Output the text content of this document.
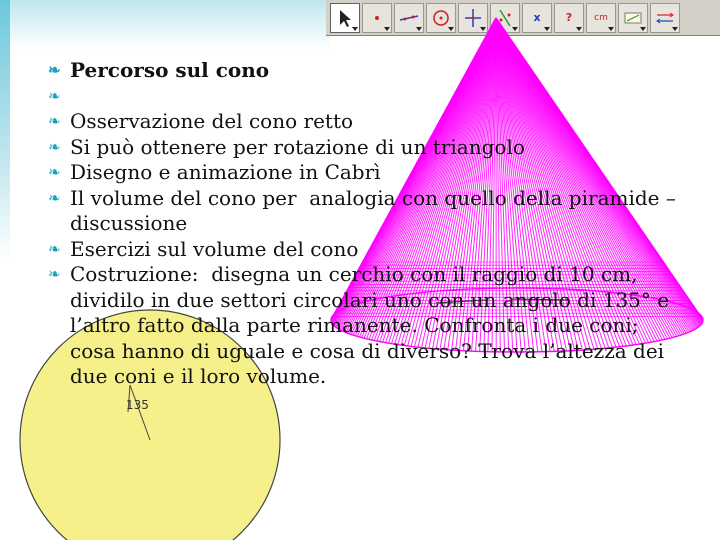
x ? cm
135
❧ Percorso sul cono
❧

❧ Osservazione del cono retto
❧ Si può ottenere per rotazione di un triangolo
❧ Disegno e animazione in Cabrì
❧ Il volume del cono per  analogia con quello della piramide – discussione
❧ Esercizi sul volume del cono
❧ Costruzione:  disegna un cerchio con il raggio di 10 cm, dividilo in due settori circolari uno con un angolo di 135° e l’altro fatto dalla parte rimanente. Confronta i due coni; cosa hanno di uguale e cosa di diverso? Trova l’altezza dei due coni e il loro volume.
